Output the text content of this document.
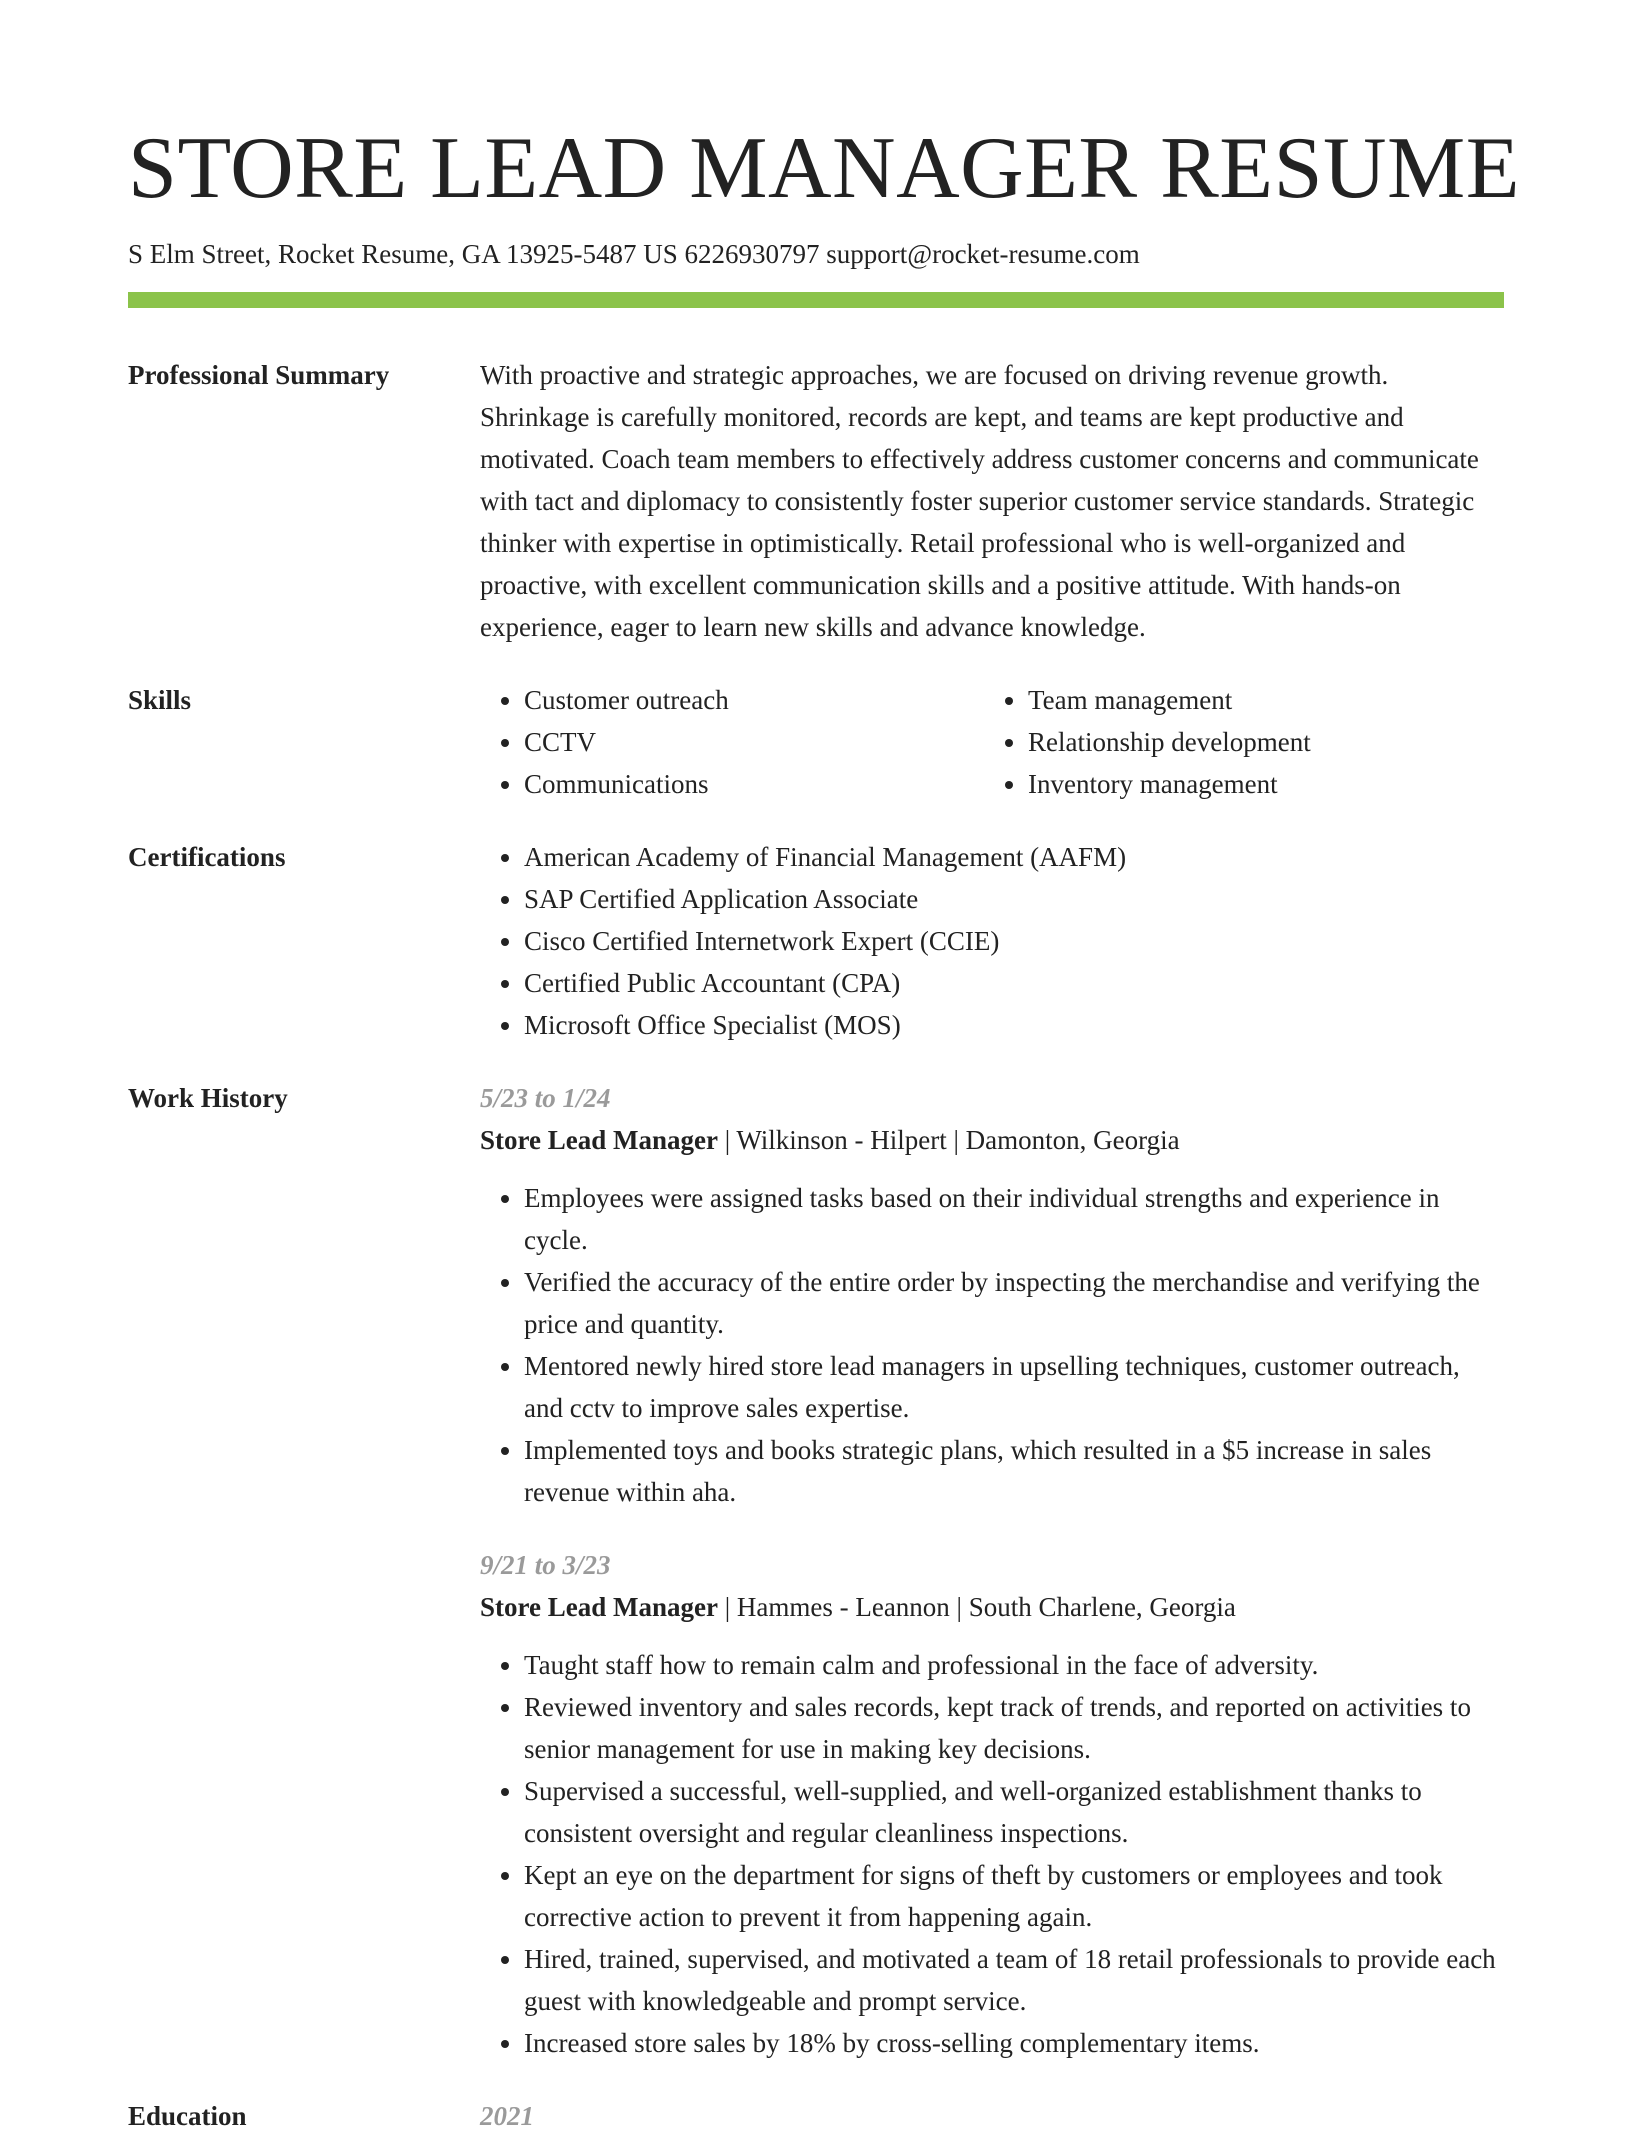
STORE LEAD MANAGER RESUME
S Elm Street, Rocket Resume, GA 13925-5487 US 6226930797 support@rocket-resume.com
Professional Summary	With proactive and strategic approaches, we are focused on driving revenue growth. Shrinkage is carefully monitored, records are kept, and teams are kept productive and motivated. Coach team members to effectively address customer concerns and communicate with tact and diplomacy to consistently foster superior customer service standards. Strategic thinker with expertise in optimistically. Retail professional who is well-organized and proactive, with excellent communication skills and a positive attitude. With hands-on experience, eager to learn new skills and advance knowledge.

Skills	• Customer outreach
• CCTV
• Communications
• Team management
• Relationship development
• Inventory management
Certifications	• American Academy of Financial Management (AAFM)
• SAP Certified Application Associate
• Cisco Certified Internetwork Expert (CCIE)
• Certified Public Accountant (CPA)
• Microsoft Office Specialist (MOS)
Work History	5/23 to 1/24
Store Lead Manager | Wilkinson - Hilpert | Damonton, Georgia
• Employees were assigned tasks based on their individual strengths and experience in cycle.
• Verified the accuracy of the entire order by inspecting the merchandise and verifying the price and quantity.
• Mentored newly hired store lead managers in upselling techniques, customer outreach, and cctv to improve sales expertise.
• Implemented toys and books strategic plans, which resulted in a $5 increase in sales revenue within aha.
9/21 to 3/23
Store Lead Manager | Hammes - Leannon | South Charlene, Georgia
• Taught staff how to remain calm and professional in the face of adversity.
• Reviewed inventory and sales records, kept track of trends, and reported on activities to senior management for use in making key decisions.
• Supervised a successful, well-supplied, and well-organized establishment thanks to consistent oversight and regular cleanliness inspections.
• Kept an eye on the department for signs of theft by customers or employees and took corrective action to prevent it from happening again.
• Hired, trained, supervised, and motivated a team of 18 retail professionals to provide each guest with knowledgeable and prompt service.
• Increased store sales by 18% by cross-selling complementary items.
Education	2021
